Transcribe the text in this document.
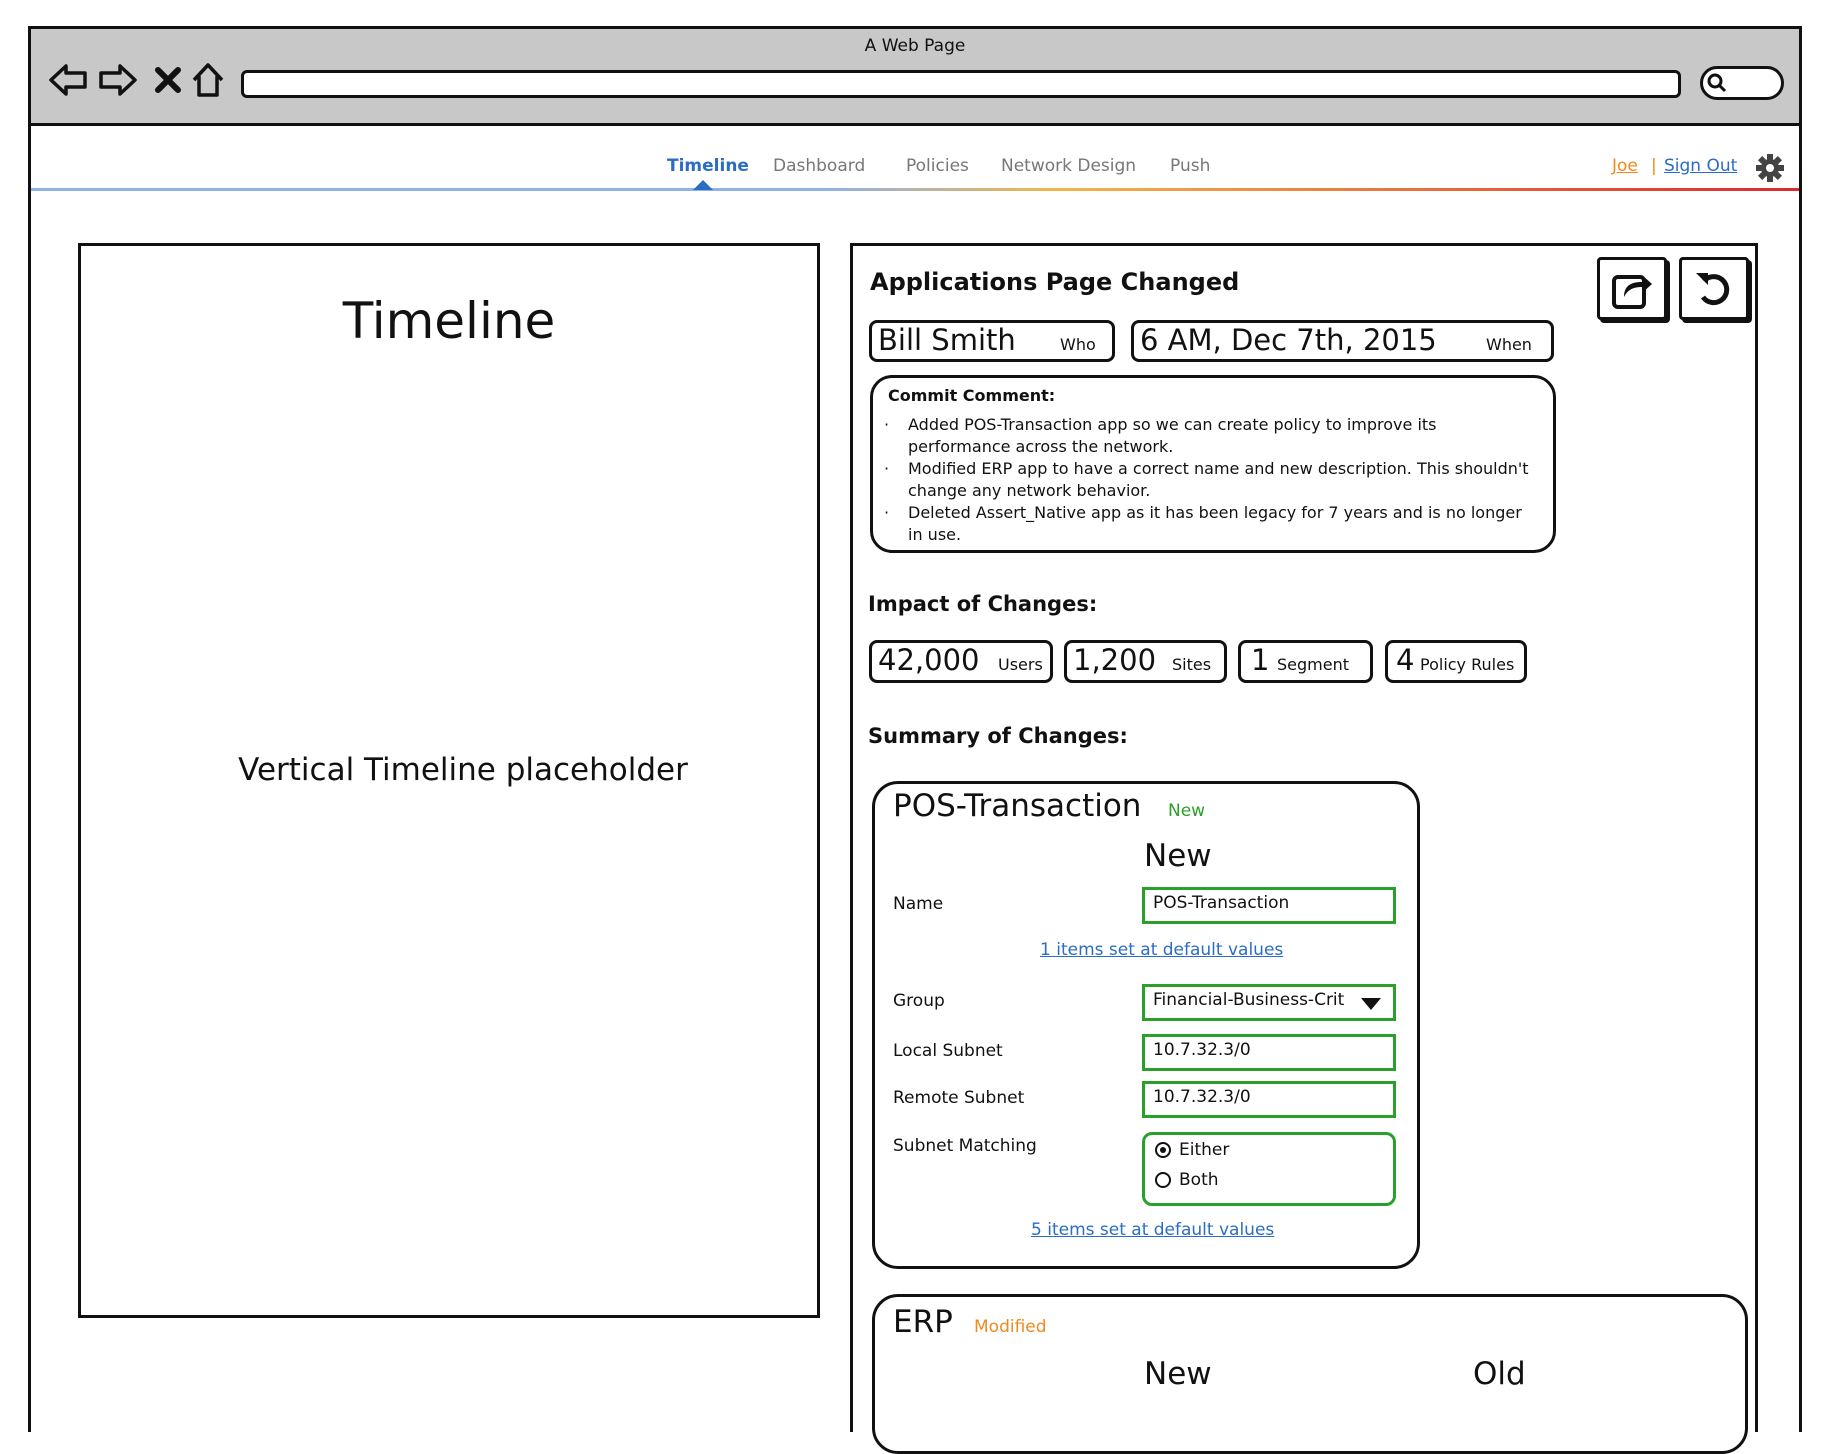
A Web Page
Timeline Dashboard Policies Network Design Push	Joe | Sign Out
Timeline
Vertical Timeline placeholder
Applications Page Changed
Bill Smith	Who 6 AM, Dec 7th, 2015	When
Commit Comment:
· Added POS-Transaction app so we can create policy to improve its performance across the network.
· Modified ERP app to have a correct name and new description. This shouldn't change any network behavior.
· Deleted Assert_Native app as it has been legacy for 7 years and is no longer in use.
Impact of Changes:
42,000 Users 1,200 Sites 1 Segment 4 Policy Rules
Summary of Changes:
POS-Transaction New
New
Name	POS-Transaction
1 items set at default values
Group	Financial-Business-Crit
Local Subnet	10.7.32.3/0
Remote Subnet	10.7.32.3/0
Subnet Matching	Either
Both
5 items set at default values
ERP Modified
New	Old
